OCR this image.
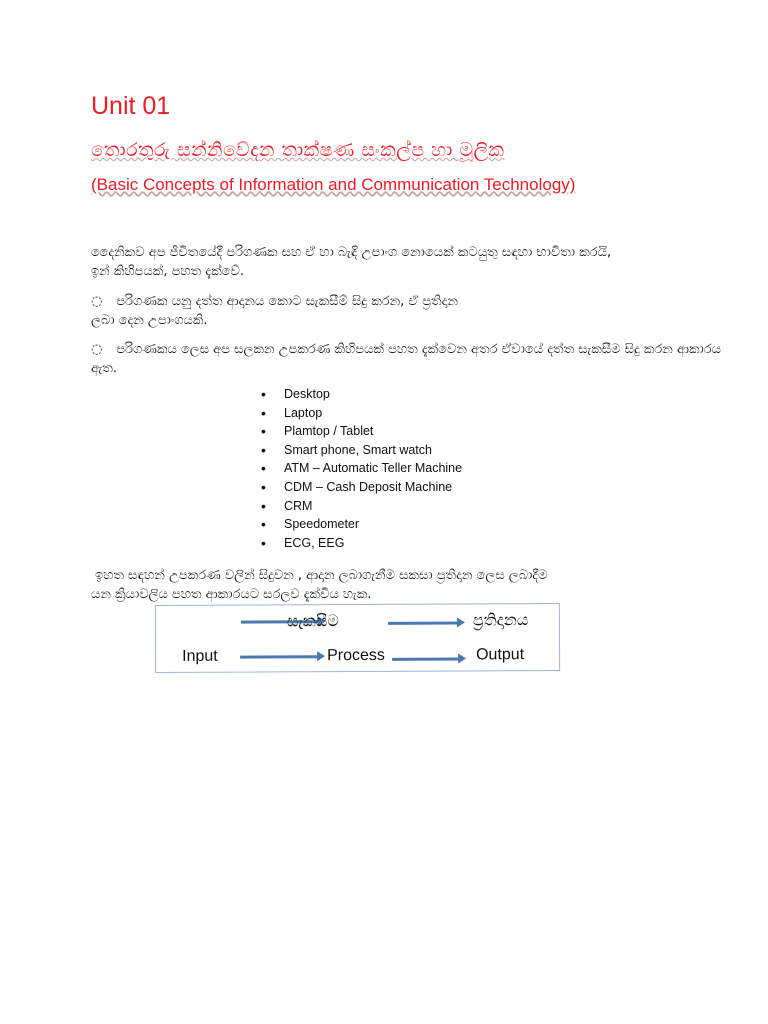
Unit 01
තොරතුරු සන්නිවේදන තාක්ෂණ සංකල්ප හා මූලික
(Basic Concepts of Information and Communication Technology)
දෛනිකව අප ජීවිතයේදී පරිගණක සහ ඒ හා බැඳි උපාංග නොයෙක් කටයුතු සඳහා භාවිතා කරයි,
ඉන් කිහිපයක්, පහත දැක්වේ.
◌ පරිගණක යනු දත්ත ආදානය කොට සැකසීම් සිදු කරන, ඒ ප්‍රතිදාන
ලබා දෙන උපාංගයකි.
◌ පරිගණකය ලෙස අප සලකන උපකරණ කිහිපයක් පහත දැක්වෙන අතර ඒවායේ දත්ත සැකසීම සිදු කරන ආකාරය
ඇත.
• Desktop
• Laptop
• Plamtop / Tablet
• Smart phone, Smart watch
• ATM – Automatic Teller Machine
• CDM – Cash Deposit Machine
• CRM
• Speedometer
• ECG, EEG
ඉහත සඳහන් උපකරණ වලින් සිදුවන , ආදාන ලබාගැනීම සකසා ප්‍රතිදාන ලෙස ලබාදීම
යන ක්‍රියාවලිය පහත ආකාරයට සරලව දැක්විය හැක.
සැකසීම	ප්‍රතිදානය
Input	Process	Output
